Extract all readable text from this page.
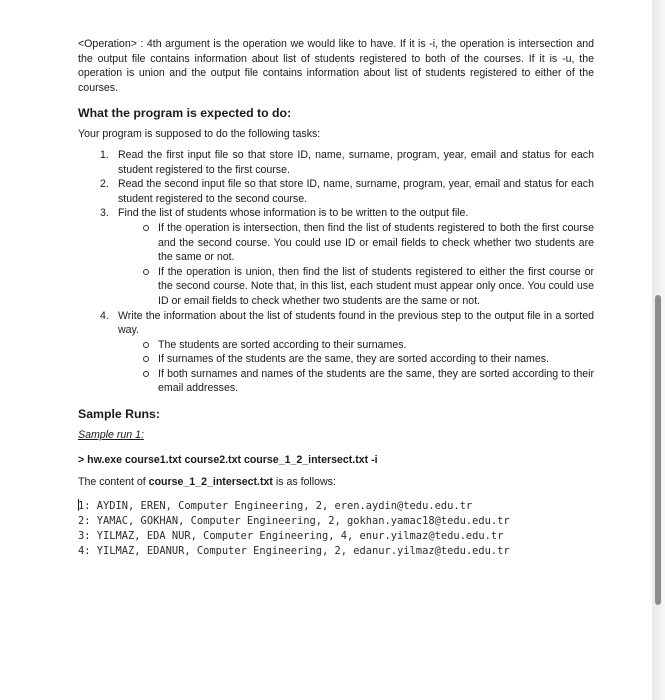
<Operation> : 4th argument is the operation we would like to have. If it is -i, the operation is intersection and the output file contains information about list of students registered to both of the courses. If it is -u, the operation is union and the output file contains information about list of students registered to either of the courses.

What the program is expected to do:

Your program is supposed to do the following tasks:

1. Read the first input file so that store ID, name, surname, program, year, email and status for each student registered to the first course.
2. Read the second input file so that store ID, name, surname, program, year, email and status for each student registered to the second course.
3. Find the list of students whose information is to be written to the output file.
If the operation is intersection, then find the list of students registered to both the first course and the second course. You could use ID or email fields to check whether two students are the same or not.
If the operation is union, then find the list of students registered to either the first course or the second course. Note that, in this list, each student must appear only once. You could use ID or email fields to check whether two students are the same or not.
4. Write the information about the list of students found in the previous step to the output file in a sorted way.
The students are sorted according to their surnames.
If surnames of the students are the same, they are sorted according to their names.
If both surnames and names of the students are the same, they are sorted according to their email addresses.
Sample Runs:

Sample run 1:

> hw.exe course1.txt course2.txt course_1_2_intersect.txt -i

The content of course_1_2_intersect.txt is as follows:

1: AYDIN, EREN, Computer Engineering, 2, eren.aydin@tedu.edu.tr
2: YAMAC, GOKHAN, Computer Engineering, 2, gokhan.yamac18@tedu.edu.tr
3: YILMAZ, EDA NUR, Computer Engineering, 4, enur.yilmaz@tedu.edu.tr
4: YILMAZ, EDANUR, Computer Engineering, 2, edanur.yilmaz@tedu.edu.tr
